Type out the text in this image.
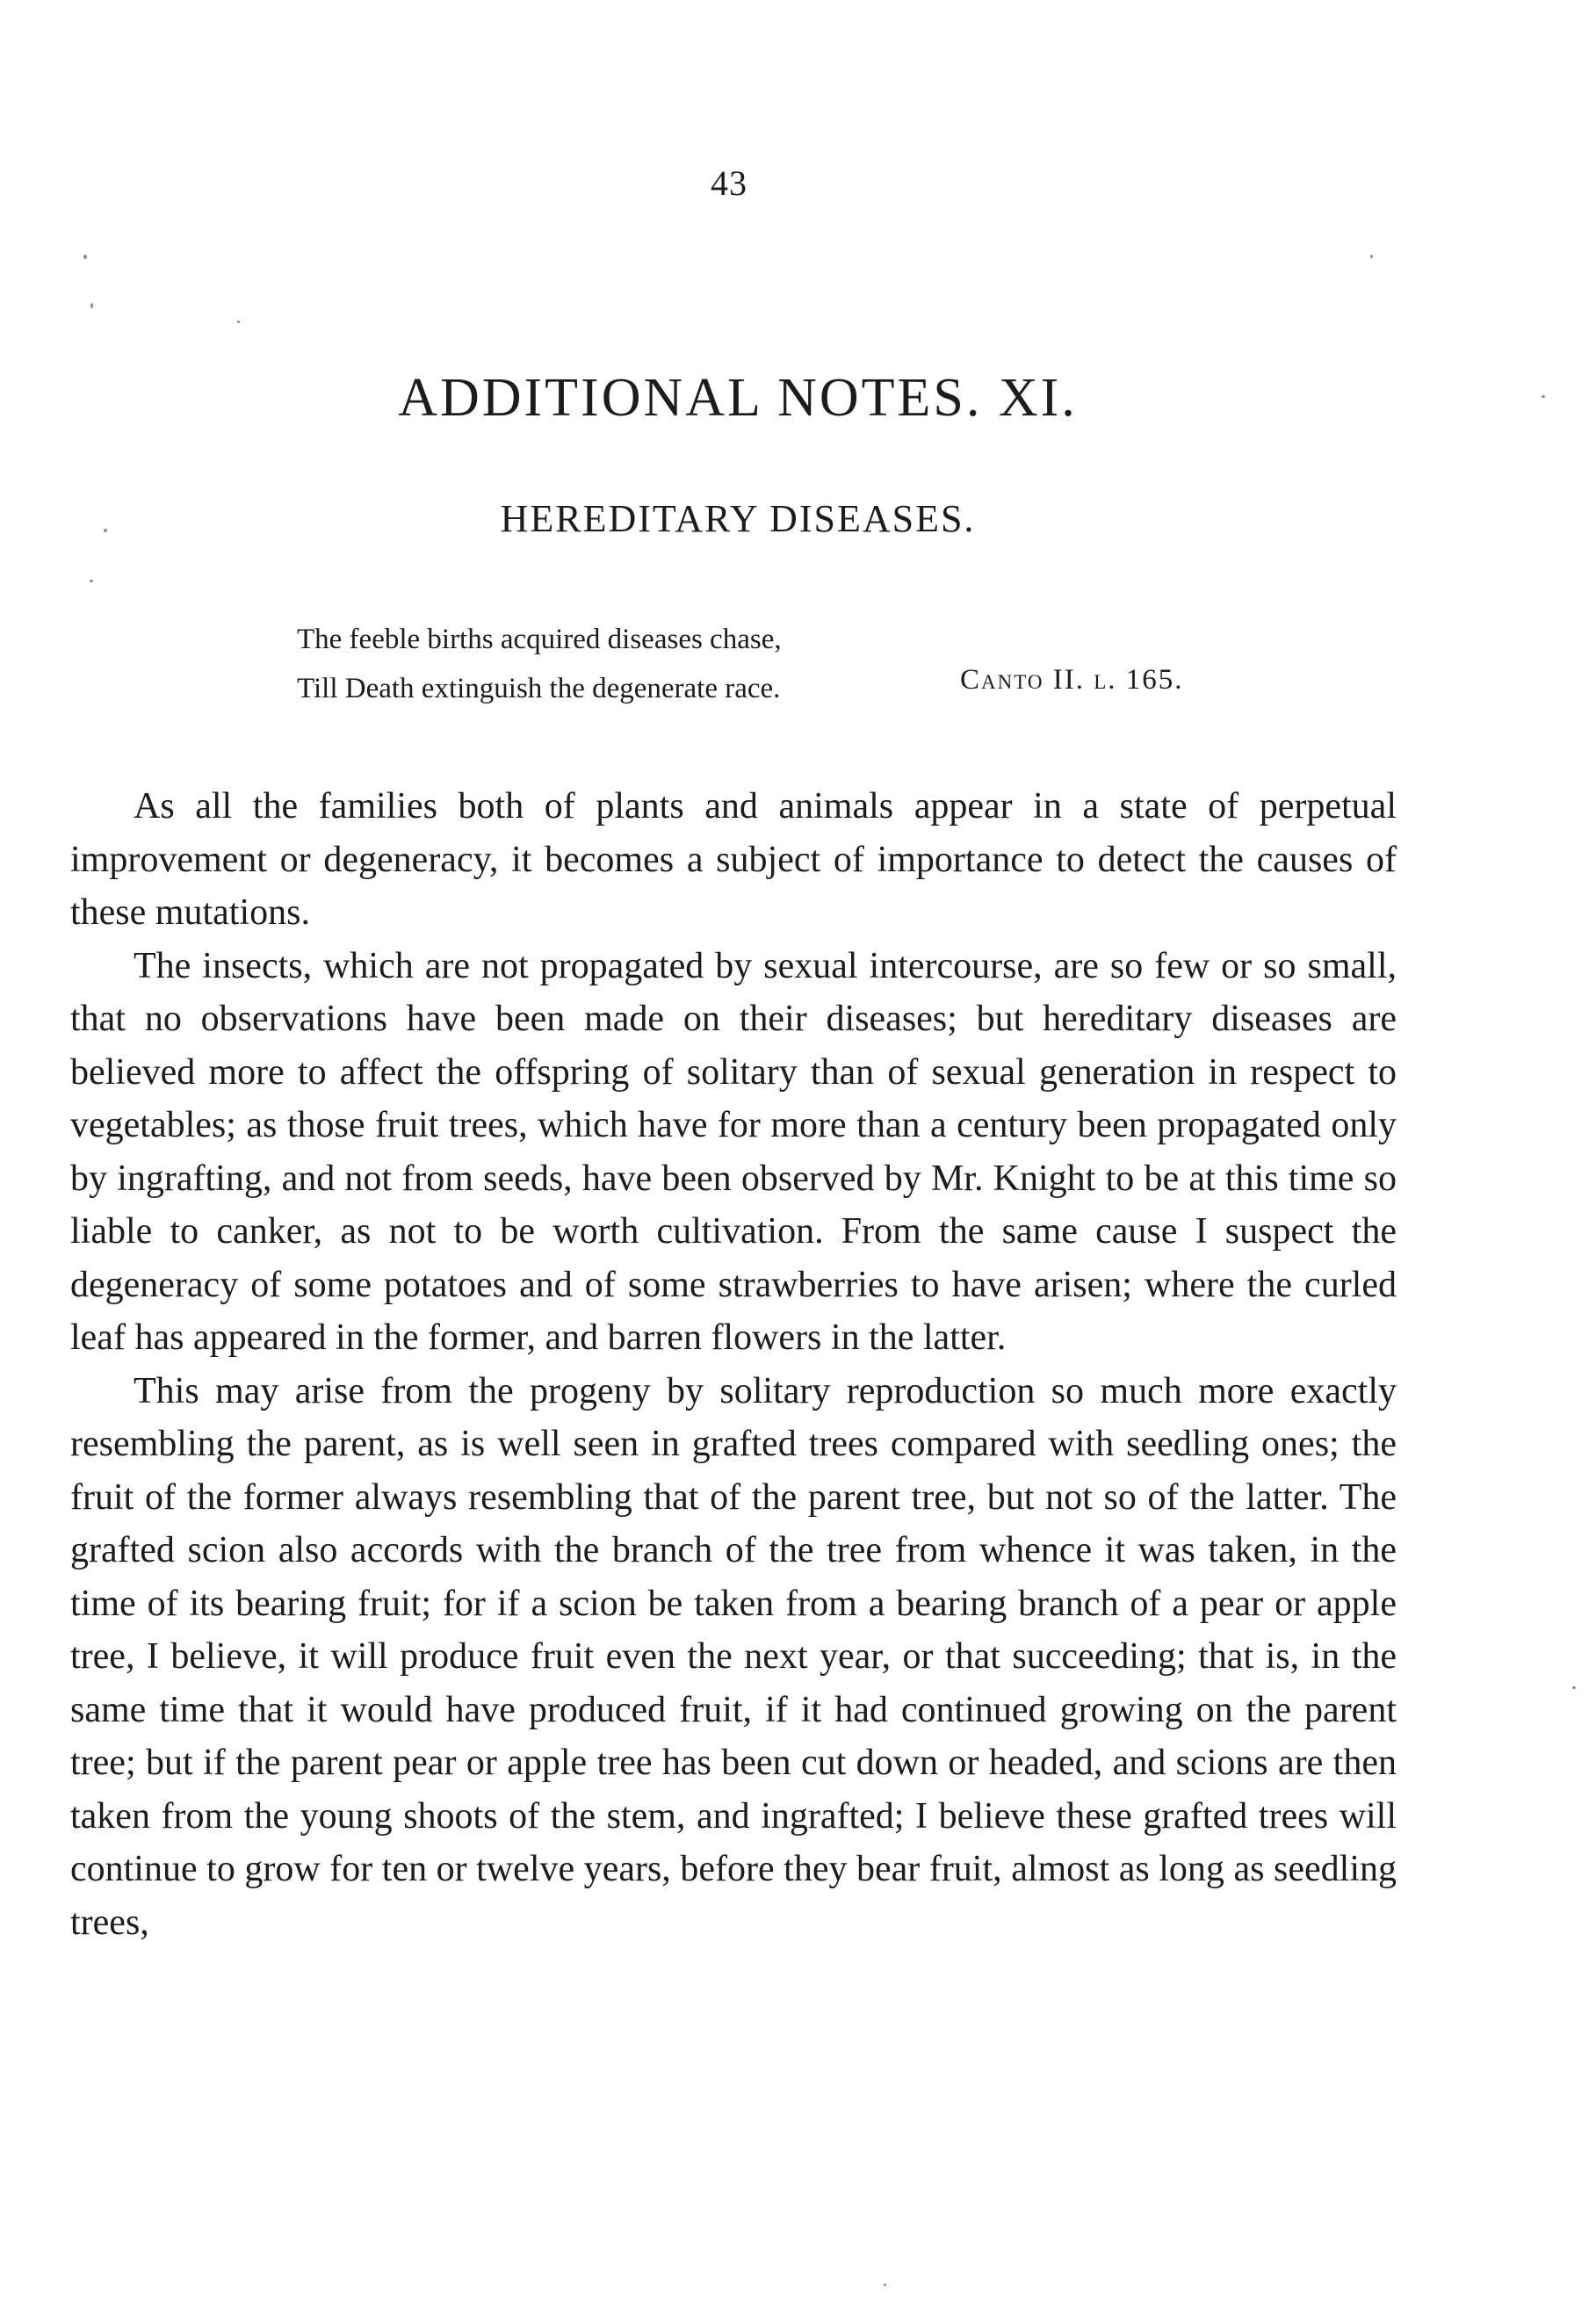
43
ADDITIONAL NOTES. XI.
HEREDITARY DISEASES.
The feeble births acquired diseases chase,
Till Death extinguish the degenerate race.	Canto II. l. 165.

As all the families both of plants and animals appear in a state of perpetual improvement or degeneracy, it becomes a subject of importance to detect the causes of these mutations.

The insects, which are not propagated by sexual intercourse, are so few or so small, that no observations have been made on their diseases; but hereditary diseases are believed more to affect the offspring of solitary than of sexual generation in respect to vegetables; as those fruit trees, which have for more than a century been propagated only by ingrafting, and not from seeds, have been observed by Mr. Knight to be at this time so liable to canker, as not to be worth cultivation. From the same cause I suspect the degeneracy of some potatoes and of some strawberries to have arisen; where the curled leaf has appeared in the former, and barren flowers in the latter.

This may arise from the progeny by solitary reproduction so much more exactly resembling the parent, as is well seen in grafted trees compared with seedling ones; the fruit of the former always resembling that of the parent tree, but not so of the latter. The grafted scion also accords with the branch of the tree from whence it was taken, in the time of its bearing fruit; for if a scion be taken from a bearing branch of a pear or apple tree, I believe, it will produce fruit even the next year, or that succeeding; that is, in the same time that it would have produced fruit, if it had continued growing on the parent tree; but if the parent pear or apple tree has been cut down or headed, and scions are then taken from the young shoots of the stem, and ingrafted; I believe these grafted trees will continue to grow for ten or twelve years, before they bear fruit, almost as long as seedling trees,
